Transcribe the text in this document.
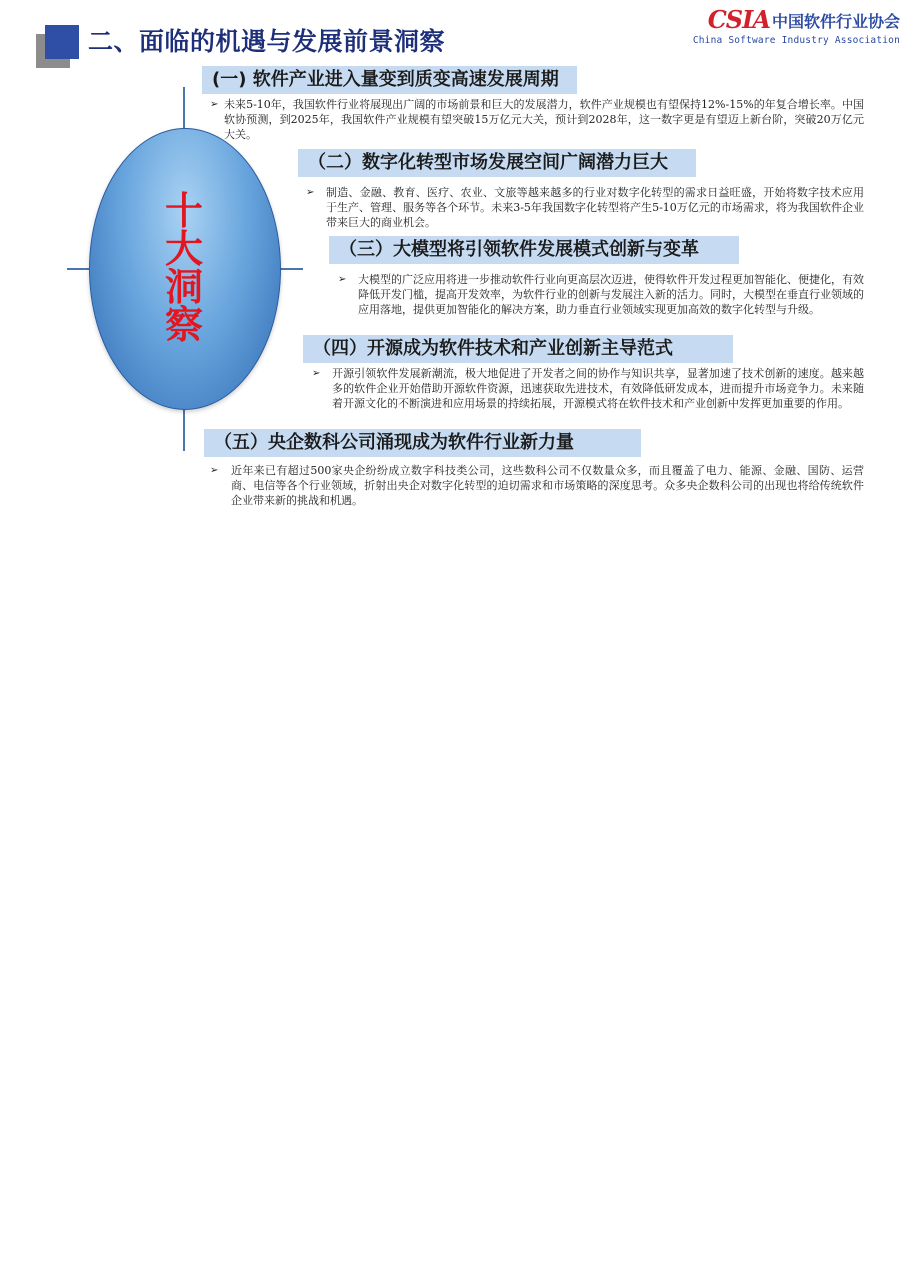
二、面临的机遇与发展前景洞察
CSIA 中国软件行业协会
China Software Industry Association
十大洞察
(一) 软件产业进入量变到质变高速发展周期
➢ 未来5-10年，我国软件行业将展现出广阔的市场前景和巨大的发展潜力，软件产业规模也有望保持12%-15%的年复合增长率。中国软协预测，到2025年，我国软件产业规模有望突破15万亿元大关，预计到2028年，这一数字更是有望迈上新台阶，突破20万亿元大关。
（二）数字化转型市场发展空间广阔潜力巨大
➢ 制造、金融、教育、医疗、农业、文旅等越来越多的行业对数字化转型的需求日益旺盛，开始将数字技术应用于生产、管理、服务等各个环节。未来3-5年我国数字化转型将产生5-10万亿元的市场需求，将为我国软件企业带来巨大的商业机会。
（三）大模型将引领软件发展模式创新与变革
➢ 大模型的广泛应用将进一步推动软件行业向更高层次迈进，使得软件开发过程更加智能化、便捷化，有效降低开发门槛，提高开发效率，为软件行业的创新与发展注入新的活力。同时，大模型在垂直行业领域的应用落地，提供更加智能化的解决方案，助力垂直行业领域实现更加高效的数字化转型与升级。
（四）开源成为软件技术和产业创新主导范式
➢ 开源引领软件发展新潮流，极大地促进了开发者之间的协作与知识共享，显著加速了技术创新的速度。越来越多的软件企业开始借助开源软件资源，迅速获取先进技术，有效降低研发成本，进而提升市场竞争力。未来随着开源文化的不断演进和应用场景的持续拓展，开源模式将在软件技术和产业创新中发挥更加重要的作用。
（五）央企数科公司涌现成为软件行业新力量
➢ 近年来已有超过500家央企纷纷成立数字科技类公司，这些数科公司不仅数量众多，而且覆盖了电力、能源、金融、国防、运营商、电信等各个行业领域，折射出央企对数字化转型的迫切需求和市场策略的深度思考。众多央企数科公司的出现也将给传统软件企业带来新的挑战和机遇。
